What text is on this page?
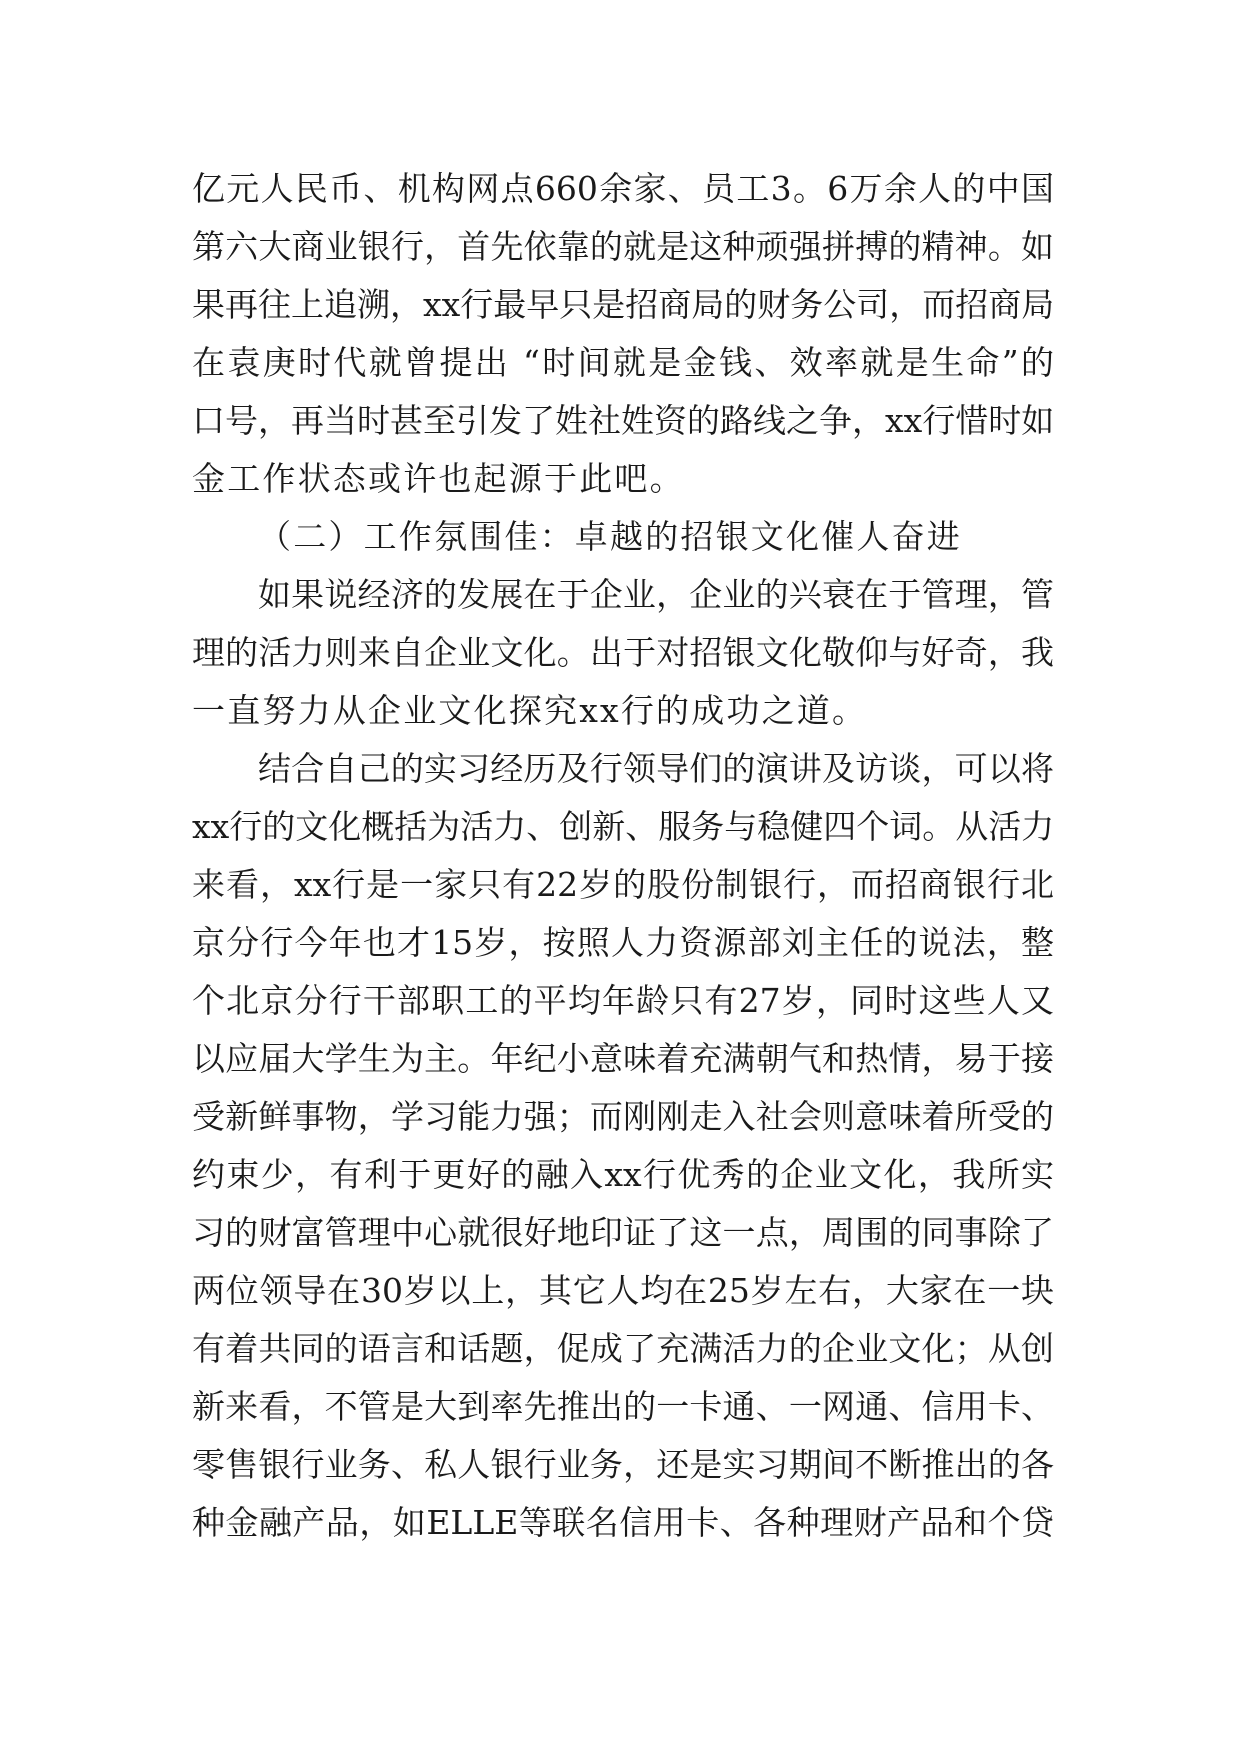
亿元人民币、机构网点660余家、员工3。6万余人的中国
第六大商业银行，首先依靠的就是这种顽强拼搏的精神。如
果再往上追溯，xx行最早只是招商局的财务公司，而招商局
在袁庚时代就曾提出 “时间就是金钱、效率就是生命”的
口号，再当时甚至引发了姓社姓资的路线之争，xx行惜时如
金工作状态或许也起源于此吧。
（二）工作氛围佳：卓越的招银文化催人奋进
如果说经济的发展在于企业，企业的兴衰在于管理，管
理的活力则来自企业文化。出于对招银文化敬仰与好奇，我
一直努力从企业文化探究xx行的成功之道。
结合自己的实习经历及行领导们的演讲及访谈，可以将
xx行的文化概括为活力、创新、服务与稳健四个词。从活力
来看，xx行是一家只有22岁的股份制银行，而招商银行北
京分行今年也才15岁，按照人力资源部刘主任的说法，整
个北京分行干部职工的平均年龄只有27岁，同时这些人又
以应届大学生为主。年纪小意味着充满朝气和热情，易于接
受新鲜事物，学习能力强；而刚刚走入社会则意味着所受的
约束少，有利于更好的融入xx行优秀的企业文化，我所实
习的财富管理中心就很好地印证了这一点，周围的同事除了
两位领导在30岁以上，其它人均在25岁左右，大家在一块
有着共同的语言和话题，促成了充满活力的企业文化；从创
新来看，不管是大到率先推出的一卡通、一网通、信用卡、
零售银行业务、私人银行业务，还是实习期间不断推出的各
种金融产品，如ELLE等联名信用卡、各种理财产品和个贷
